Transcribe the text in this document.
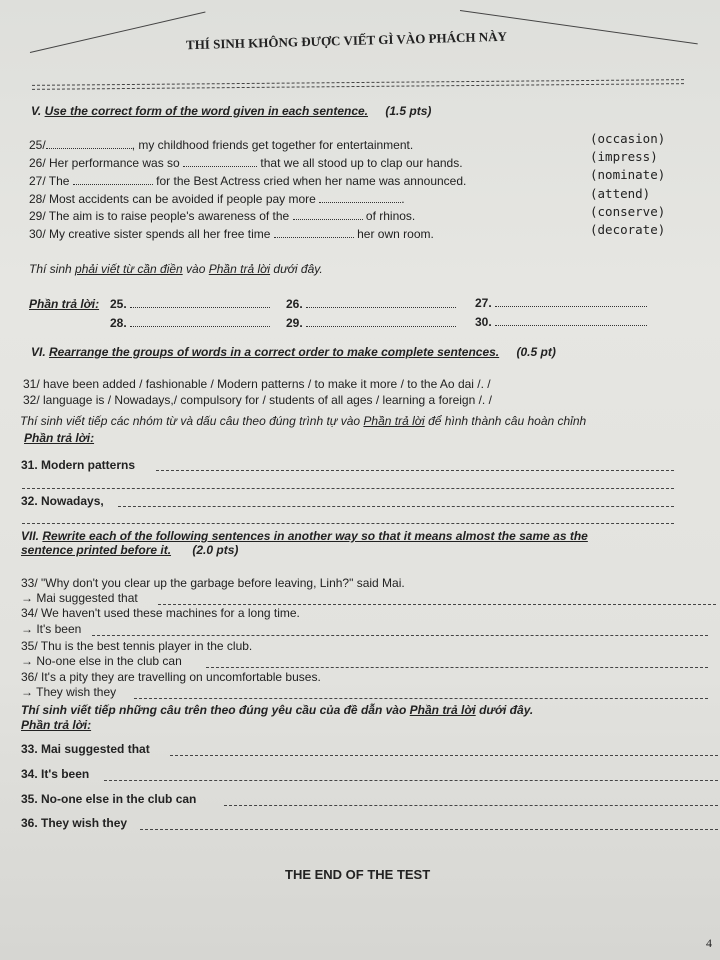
THÍ SINH KHÔNG ĐƯỢC VIẾT GÌ VÀO PHÁCH NÀY
V. Use the correct form of the word given in each sentence. (1.5 pts)
25/	, my childhood friends get together for entertainment.	(occasion)
26/ Her performance was so	that we all stood up to clap our hands.	(impress)
27/ The	for the Best Actress cried when her name was announced.	(nominate)
28/ Most accidents can be avoided if people pay more	.	(attend)
29/ The aim is to raise people's awareness of the	of rhinos.	(conserve)
30/ My creative sister spends all her free time	her own room.	(decorate)
Thí sinh phải viết từ cần điền vào Phần trả lời dưới đây.
Phần trả lời: 25.	26.	27.
28.	29.	30.
VI. Rearrange the groups of words in a correct order to make complete sentences. (0.5 pt)
31/ have been added / fashionable / Modern patterns / to make it more / to the Ao dai /. /
32/ language is / Nowadays,/ compulsory for / students of all ages / learning a foreign /. /
Thí sinh viết tiếp các nhóm từ và dấu câu theo đúng trình tự vào Phần trả lời để hình thành câu hoàn chỉnh
Phần trả lời:
31. Modern patterns
32. Nowadays,
VII. Rewrite each of the following sentences in another way so that it means almost the same as the
sentence printed before it. (2.0 pts)
33/ "Why don't you clear up the garbage before leaving, Linh?" said Mai.
→ Mai suggested that
34/ We haven't used these machines for a long time.
→ It's been
35/ Thu is the best tennis player in the club.
→ No-one else in the club can
36/ It's a pity they are travelling on uncomfortable buses.
→ They wish they
Thí sinh viết tiếp những câu trên theo đúng yêu cầu của đề dẫn vào Phần trả lời dưới đây.
Phần trả lời:
33. Mai suggested that
34. It's been
35. No-one else in the club can
36. They wish they
THE END OF THE TEST
4
